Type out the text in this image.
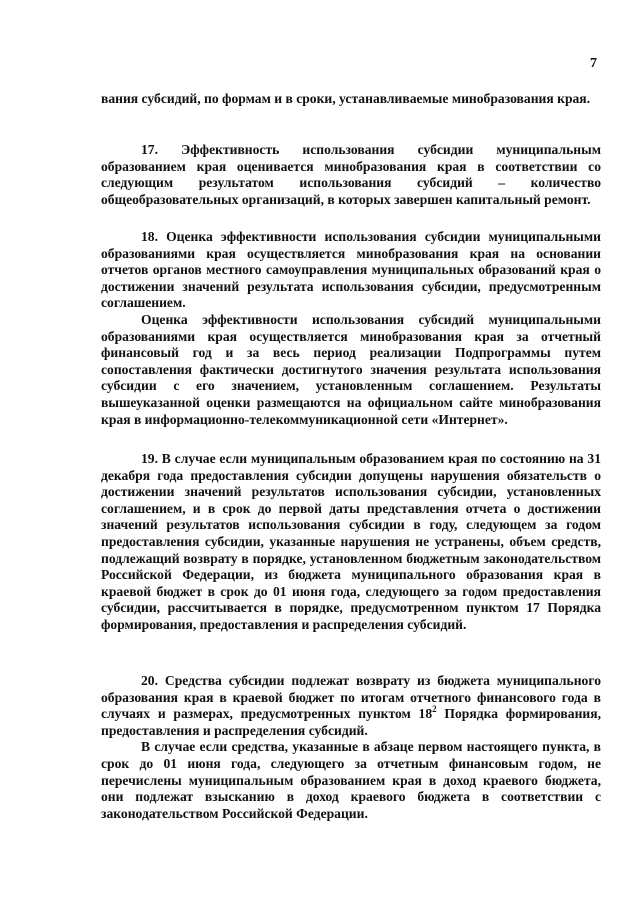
7

вания субсидий, по формам и в сроки, устанавливаемые минобразования края.

17. Эффективность использования субсидии муниципальным образованием края оценивается минобразования края в соответствии со следующим результатом использования субсидий – количество общеобразовательных организаций, в которых завершен капитальный ремонт.

18. Оценка эффективности использования субсидии муниципальными образованиями края осуществляется минобразования края на основании отчетов органов местного самоуправления муниципальных образований края о достижении значений результата использования субсидии, предусмотренным соглашением.

Оценка эффективности использования субсидий муниципальными образованиями края осуществляется минобразования края за отчетный финансовый год и за весь период реализации Подпрограммы путем сопоставления фактически достигнутого значения результата использования субсидии с его значением, установленным соглашением. Результаты вышеуказанной оценки размещаются на официальном сайте минобразования края в информационно-телекоммуникационной сети «Интернет».

19. В случае если муниципальным образованием края по состоянию на 31 декабря года предоставления субсидии допущены нарушения обязательств о достижении значений результатов использования субсидии, установленных соглашением, и в срок до первой даты представления отчета о достижении значений результатов использования субсидии в году, следующем за годом предоставления субсидии, указанные нарушения не устранены, объем средств, подлежащий возврату в порядке, установленном бюджетным законодательством Российской Федерации, из бюджета муниципального образования края в краевой бюджет в срок до 01 июня года, следующего за годом предоставления субсидии, рассчитывается в порядке, предусмотренном пунктом 17 Порядка формирования, предоставления и распределения субсидий.

20. Средства субсидии подлежат возврату из бюджета муниципального образования края в краевой бюджет по итогам отчетного финансового года в случаях и размерах, предусмотренных пунктом $18^2$ Порядка формирования, предоставления и распределения субсидий.

В случае если средства, указанные в абзаце первом настоящего пункта, в срок до 01 июня года, следующего за отчетным финансовым годом, не перечислены муниципальным образованием края в доход краевого бюджета, они подлежат взысканию в доход краевого бюджета в соответствии с законодательством Российской Федерации.
